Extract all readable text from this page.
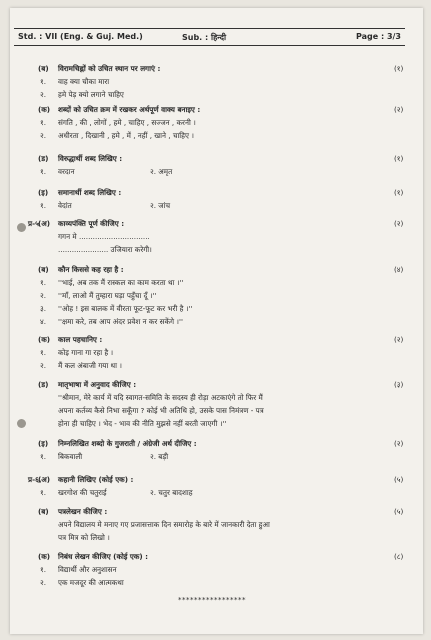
Std. : VII (Eng. & Guj. Med.)	Sub. : हिन्दी	Page : 3/3
(ब) विरामचिह्नों को उचित स्थान पर लगाएं :	(१)
१. वाह क्या चौका मारा
२. हमे पेड़ क्यो लगाने चाहिए
(क) शब्दों को उचित क्रम में रखकर अर्थपूर्ण वाक्य बनाइए :	(२)
१. संगति , की , लोगों , हमे , चाहिए , सज्जन , करनी ।
२. अधीरता , दिखानी , हमे , में , नहीं , खाने , चाहिए ।
(ड) विरुद्धार्थी शब्द लिखिए :	(१)
१. वरदान	२. अमृत
(इ) समानार्थी शब्द लिखिए :	(१)
१. वेदांत	२. जांच
प्र-५ (अ) काव्यपंक्ति पूर्ण कीजिए :	(२)
गगन मे ...............................
...................... उजियारा करेगी।
(ब) कौन किससे कह रहा है :	(४)
१. ''भाई, अब तक मैं रास्कल का काम करता था ।''
२. ''माँ, लाओ मैं तुम्हारा घड़ा पहुँचा दूँ ।''
३. ''ओह ! इस बालक में वीरता फूट-फूट कर भरी है ।''
४. ''क्षमा करे, तब आप अंदर प्रवेश न कर सकेंगे ।''
(क) काल पहचानिए :	(२)
१. कोइ गाना गा रहा है ।
२. मैं कल अंबाजी गया था ।
(ड) मातृभाषा में अनुवाद कीजिए :	(३)
''श्रीमान, मेरे कार्य में यदि स्वागत-समिति के सदस्य ही रोड़ा अटकाएंगे तो फिर मैं
अपना कर्तव्य कैसे निभा सकूँगा ? कोई भी अतिथि हो, उसके पास निमंत्रण - पत्र
होना ही चाहिए । भेद - भाव की नीति मुझसे नहीं बरती जाएगी ।''
(इ) निम्नलिखित शब्दो के गुजराती / अंग्रेजी अर्थ दीजिए :	(२)
१. बिकवाली	२. बड़ी
प्र-६.
(अ) कहानी लिखिए (कोई एक) :	(५)
१. खरगोश की चतुराई	२. चतुर बादशाह
(ब) पत्रलेखन कीजिए :	(५)
अपने विद्यालय मे मनाए गए प्रजासत्ताक दिन समारोह के बारे में जानकारी देता हुआ
पत्र मित्र को लिखो ।
(क) निबंध लेखन कीजिए (कोई एक) :	(८)
१. विद्यार्थी और अनुशासन
२. एक मजदूर की आत्मकथा
*****************
